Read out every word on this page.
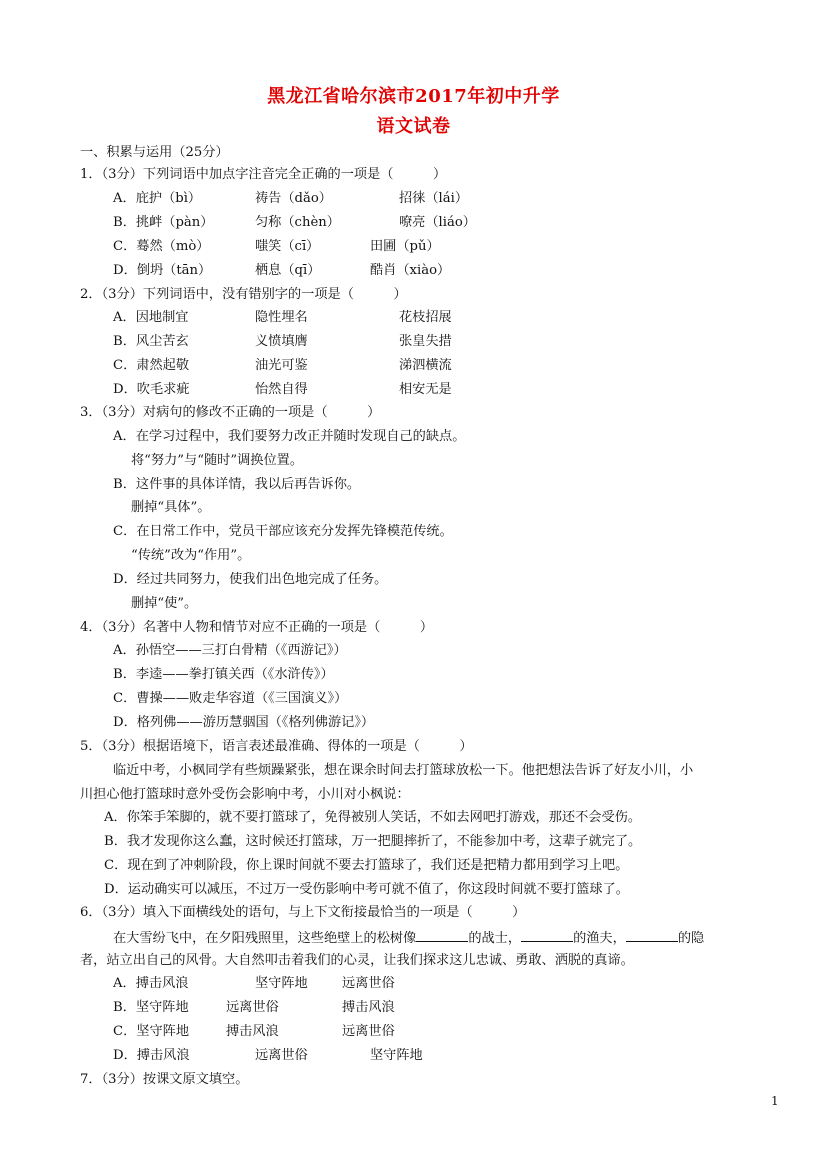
黑龙江省哈尔滨市2017年初中升学
语文试卷
一、积累与运用（25分）
1．（3分）下列词语中加点字注音完全正确的一项是（　　　）
A．庇护（bì）	祷告（dǎo）	招徕（lái）
B．挑衅（pàn）	匀称（chèn）	嘹亮（liáo）
C．蓦然（mò）	嗤笑（cī）	田圃（pǔ）
D．倒坍（tān）	栖息（qī）	酷肖（xiào）
2．（3分）下列词语中，没有错别字的一项是（　　　）
A．因地制宜	隐性埋名	花枝招展
B．风尘苦玄	义愤填膺	张皇失措
C．肃然起敬	油光可鉴	涕泗横流
D．吹毛求疵	怡然自得	相安无是
3．（3分）对病句的修改不正确的一项是（　　　）
A．在学习过程中，我们要努力改正并随时发现自己的缺点。
将“努力”与“随时”调换位置。
B．这件事的具体详情，我以后再告诉你。
删掉“具体”。
C．在日常工作中，党员干部应该充分发挥先锋模范传统。
“传统”改为“作用”。
D．经过共同努力，使我们出色地完成了任务。
删掉“使”。
4．（3分）名著中人物和情节对应不正确的一项是（　　　）
A．孙悟空——三打白骨精（《西游记》）
B．李逵——拳打镇关西（《水浒传》）
C．曹操——败走华容道（《三国演义》）
D．格列佛——游历慧骃国（《格列佛游记》）
5．（3分）根据语境下，语言表述最准确、得体的一项是（　　　）
临近中考，小枫同学有些烦躁紧张，想在课余时间去打篮球放松一下。他把想法告诉了好友小川，小
川担心他打篮球时意外受伤会影响中考，小川对小枫说：
A．你笨手笨脚的，就不要打篮球了，免得被别人笑话，不如去网吧打游戏，那还不会受伤。
B．我才发现你这么蠢，这时候还打篮球，万一把腿摔折了，不能参加中考，这辈子就完了。
C．现在到了冲刺阶段，你上课时间就不要去打篮球了，我们还是把精力都用到学习上吧。
D．运动确实可以减压，不过万一受伤影响中考可就不值了，你这段时间就不要打篮球了。
6．（3分）填入下面横线处的语句，与上下文衔接最恰当的一项是（　　　）
在大雪纷飞中，在夕阳残照里，这些绝壁上的松树像	的战士，	的渔夫，	的隐
者，站立出自己的风骨。大自然叩击着我们的心灵，让我们探求这儿忠诚、勇敢、洒脱的真谛。
A．搏击风浪	坚守阵地	远离世俗
B．坚守阵地	远离世俗	搏击风浪
C．坚守阵地	搏击风浪	远离世俗
D．搏击风浪	远离世俗	坚守阵地
7．（3分）按课文原文填空。
1
